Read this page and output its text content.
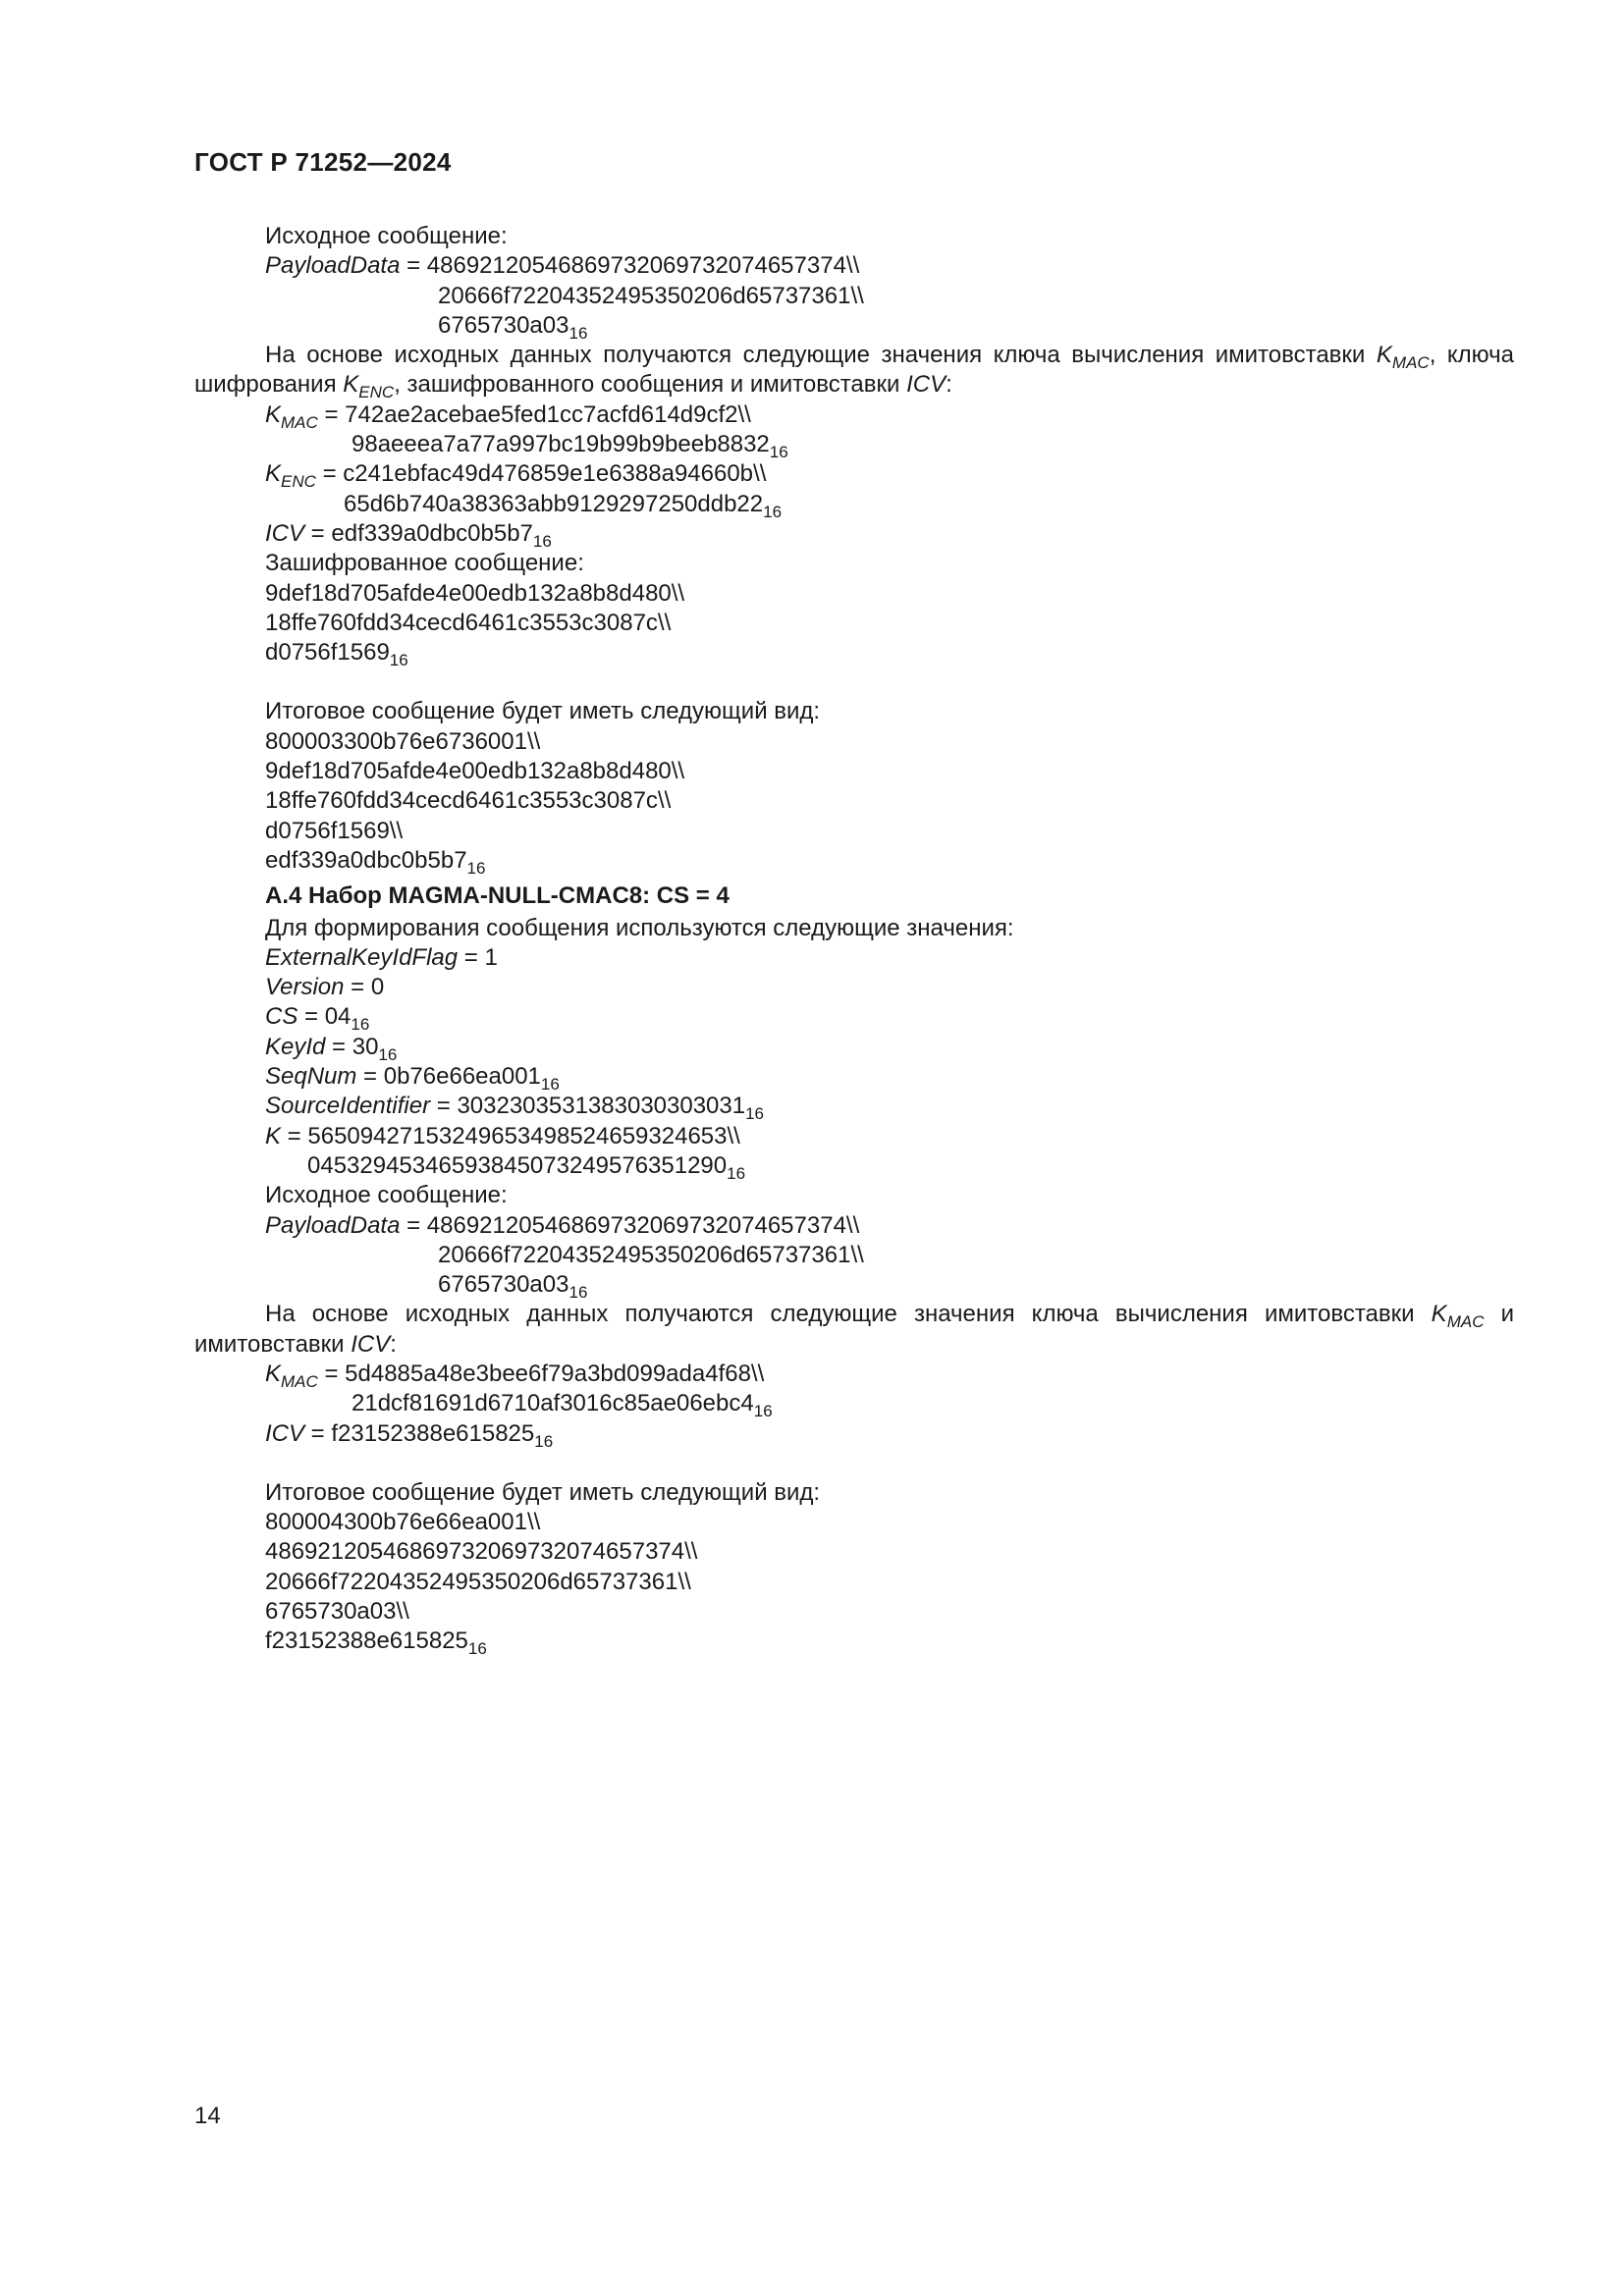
ГОСТ Р 71252—2024
Исходное сообщение:
PayloadData = 4869212054686973206973207465737​4\\
20666f72204352495350206d65737361\\
$6765730a03_{16}$
На основе исходных данных получаются следующие значения ключа вычисления имитовставки $K_{MAC}$, ключа шифрования $K_{ENC}$, зашифрованного сообщения и имитовставки ICV:
$K_{MAC}$ = 742ae2acebae5fed1cc7acfd614d9cf2\\
$98aeeea7a77a997bc19b99b9beeb8832_{16}$
$K_{ENC}$ = c241ebfac49d476859e1e6388a94660b\\
$65d6b740a38363abb9129297250ddb22_{16}$
ICV = $edf339a0dbc0b5b7_{16}$
Зашифрованное сообщение:
9def18d705afde4e00edb132a8b8d480\\
18ffe760fdd34cecd6461c3553c3087c\\
$d0756f1569_{16}$
Итоговое сообщение будет иметь следующий вид:
800003300b76e6736001\\
9def18d705afde4e00edb132a8b8d480\\
18ffe760fdd34cecd6461c3553c3087c\\
d0756f1569\\
$edf339a0dbc0b5b7_{16}$
А.4 Набор MAGMA-NULL-CMAC8: CS = 4
Для формирования сообщения используются следующие значения:
ExternalKeyIdFlag = 1
Version = 0
CS = $04_{16}$
KeyId = $30_{16}$
SeqNum = $0b76e66ea001_{16}$
SourceIdentifier = $3032303531383030303031_{16}$
K = 5650942715324965349852465932465​3\\
$04532945346593845073249576351290_{16}$
Исходное сообщение:
PayloadData = 4869212054686973206973207465737​4\\
20666f72204352495350206d65737361\\
$6765730a03_{16}$
На основе исходных данных получаются следующие значения ключа вычисления имитовставки $K_{MAC}$ и имитовставки ICV:
$K_{MAC}$ = 5d4885a48e3bee6f79a3bd099ada4f68\\
$21dcf81691d6710af3016c85ae06ebc4_{16}$
ICV = $f23152388e615825_{16}$
Итоговое сообщение будет иметь следующий вид:
800004300b76e66ea001\\
4869212054686973206973207465737​4\\
20666f72204352495350206d65737361\\
6765730a03\\
$f23152388e615825_{16}$
14
